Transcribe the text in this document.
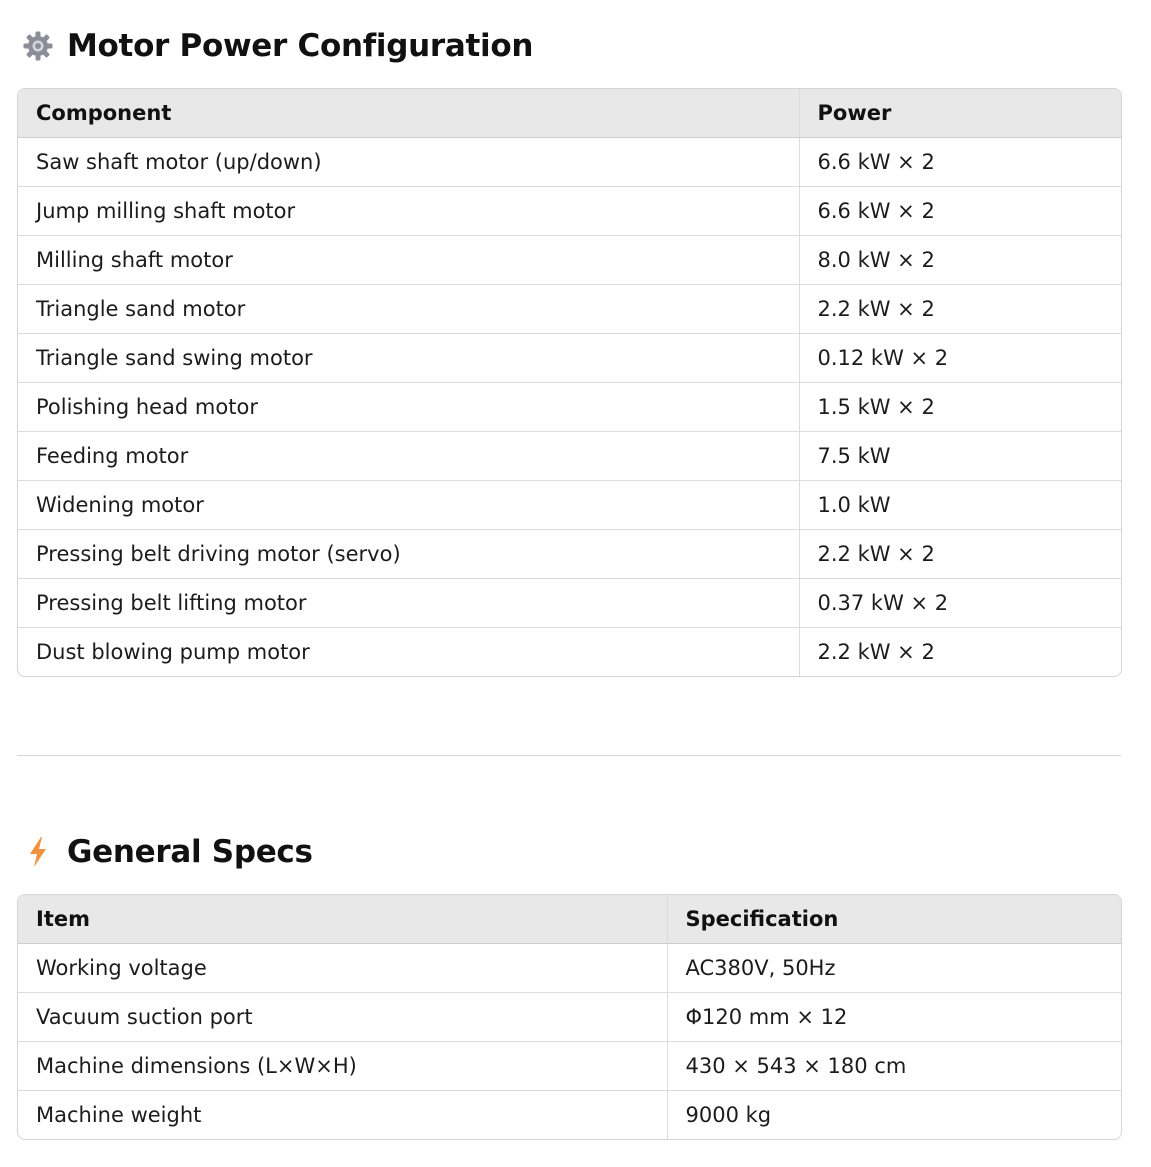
Motor Power Configuration
Component	Power
Saw shaft motor (up/down)	6.6 kW × 2
Jump milling shaft motor	6.6 kW × 2
Milling shaft motor	8.0 kW × 2
Triangle sand motor	2.2 kW × 2
Triangle sand swing motor	0.12 kW × 2
Polishing head motor	1.5 kW × 2
Feeding motor	7.5 kW
Widening motor	1.0 kW
Pressing belt driving motor (servo)	2.2 kW × 2
Pressing belt lifting motor	0.37 kW × 2
Dust blowing pump motor	2.2 kW × 2
General Specs
Item	Specification
Working voltage	AC380V, 50Hz
Vacuum suction port	Φ120 mm × 12
Machine dimensions (L×W×H)	430 × 543 × 180 cm
Machine weight	9000 kg
